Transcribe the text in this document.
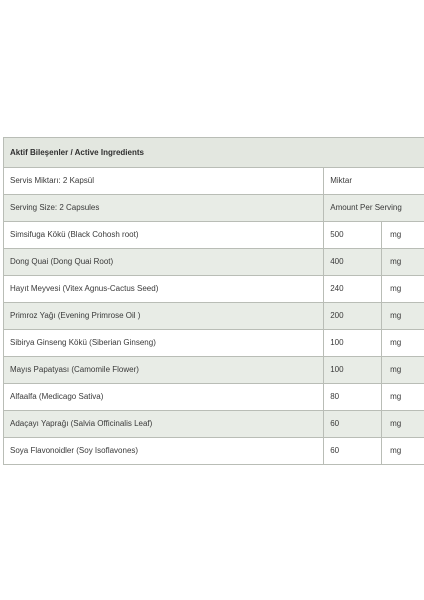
Aktif Bileşenler / Active Ingredients
Servis Miktarı: 2 Kapsül	Miktar
Serving Size: 2 Capsules	Amount Per Serving
Simsifuga Kökü (Black Cohosh root)	500	mg
Dong Quai (Dong Quai Root)	400	mg
Hayıt Meyvesi (Vitex Agnus-Cactus Seed)	240	mg
Primroz Yağı (Evening Primrose Oil )	200	mg
Sibirya Ginseng Kökü (Siberian Ginseng)	100	mg
Mayıs Papatyası (Camomile Flower)	100	mg
Alfaalfa (Medicago Sativa)	80	mg
Adaçayı Yaprağı (Salvia Officinalis Leaf)	60	mg
Soya Flavonoidler (Soy Isoflavones)	60	mg
